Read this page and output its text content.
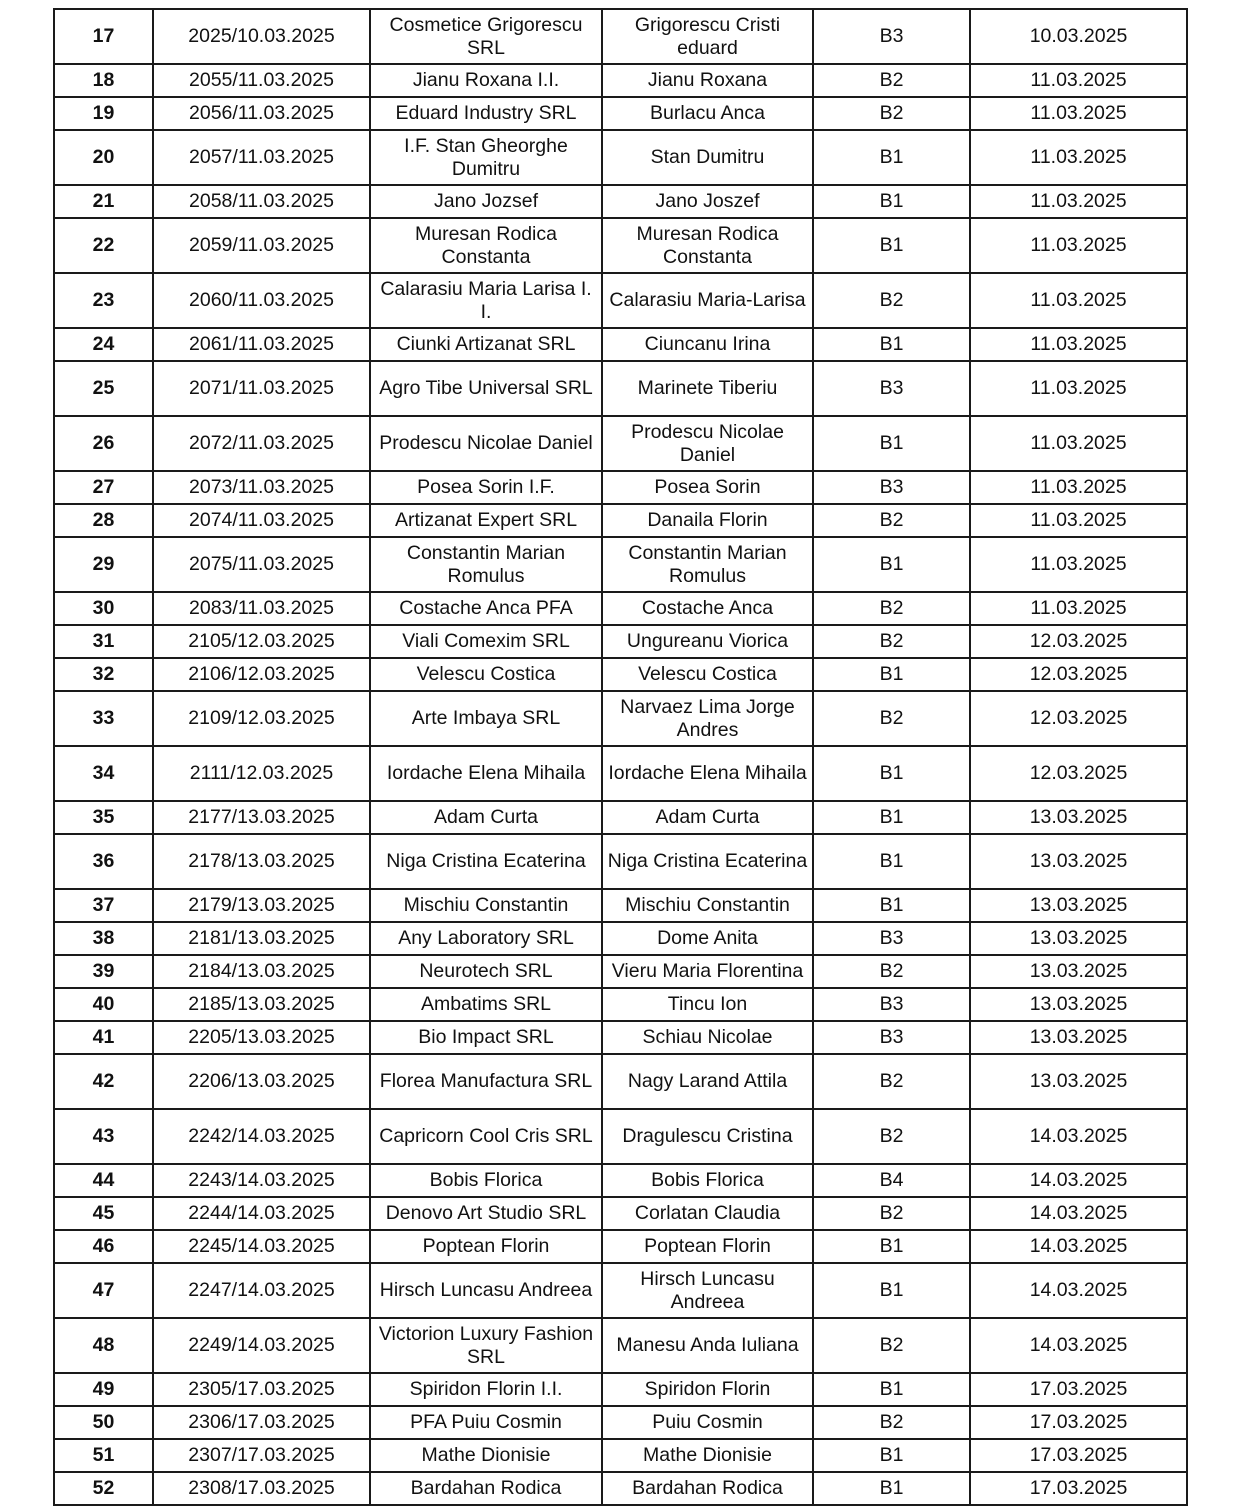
17	2025/10.03.2025	Cosmetice Grigorescu SRL	Grigorescu Cristi eduard	B3	10.03.2025
18	2055/11.03.2025	Jianu Roxana I.I.	Jianu Roxana	B2	11.03.2025
19	2056/11.03.2025	Eduard Industry SRL	Burlacu Anca	B2	11.03.2025
20	2057/11.03.2025	I.F. Stan Gheorghe Dumitru	Stan Dumitru	B1	11.03.2025
21	2058/11.03.2025	Jano Jozsef	Jano Joszef	B1	11.03.2025
22	2059/11.03.2025	Muresan Rodica Constanta	Muresan Rodica Constanta	B1	11.03.2025
23	2060/11.03.2025	Calarasiu Maria Larisa I. I.	Calarasiu Maria-Larisa	B2	11.03.2025
24	2061/11.03.2025	Ciunki Artizanat SRL	Ciuncanu Irina	B1	11.03.2025
25	2071/11.03.2025	Agro Tibe Universal SRL	Marinete Tiberiu	B3	11.03.2025
26	2072/11.03.2025	Prodescu Nicolae Daniel	Prodescu Nicolae Daniel	B1	11.03.2025
27	2073/11.03.2025	Posea Sorin I.F.	Posea Sorin	B3	11.03.2025
28	2074/11.03.2025	Artizanat Expert SRL	Danaila Florin	B2	11.03.2025
29	2075/11.03.2025	Constantin Marian Romulus	Constantin Marian Romulus	B1	11.03.2025
30	2083/11.03.2025	Costache Anca PFA	Costache Anca	B2	11.03.2025
31	2105/12.03.2025	Viali Comexim SRL	Ungureanu Viorica	B2	12.03.2025
32	2106/12.03.2025	Velescu Costica	Velescu Costica	B1	12.03.2025
33	2109/12.03.2025	Arte Imbaya SRL	Narvaez Lima Jorge Andres	B2	12.03.2025
34	2111/12.03.2025	Iordache Elena Mihaila	Iordache Elena Mihaila	B1	12.03.2025
35	2177/13.03.2025	Adam Curta	Adam Curta	B1	13.03.2025
36	2178/13.03.2025	Niga Cristina Ecaterina	Niga Cristina Ecaterina	B1	13.03.2025
37	2179/13.03.2025	Mischiu Constantin	Mischiu Constantin	B1	13.03.2025
38	2181/13.03.2025	Any Laboratory SRL	Dome Anita	B3	13.03.2025
39	2184/13.03.2025	Neurotech SRL	Vieru Maria Florentina	B2	13.03.2025
40	2185/13.03.2025	Ambatims SRL	Tincu Ion	B3	13.03.2025
41	2205/13.03.2025	Bio Impact SRL	Schiau Nicolae	B3	13.03.2025
42	2206/13.03.2025	Florea Manufactura SRL	Nagy Larand Attila	B2	13.03.2025
43	2242/14.03.2025	Capricorn Cool Cris SRL	Dragulescu Cristina	B2	14.03.2025
44	2243/14.03.2025	Bobis Florica	Bobis Florica	B4	14.03.2025
45	2244/14.03.2025	Denovo Art Studio SRL	Corlatan Claudia	B2	14.03.2025
46	2245/14.03.2025	Poptean Florin	Poptean Florin	B1	14.03.2025
47	2247/14.03.2025	Hirsch Luncasu Andreea	Hirsch Luncasu Andreea	B1	14.03.2025
48	2249/14.03.2025	Victorion Luxury Fashion SRL	Manesu Anda Iuliana	B2	14.03.2025
49	2305/17.03.2025	Spiridon Florin I.I.	Spiridon Florin	B1	17.03.2025
50	2306/17.03.2025	PFA Puiu Cosmin	Puiu Cosmin	B2	17.03.2025
51	2307/17.03.2025	Mathe Dionisie	Mathe Dionisie	B1	17.03.2025
52	2308/17.03.2025	Bardahan Rodica	Bardahan Rodica	B1	17.03.2025
